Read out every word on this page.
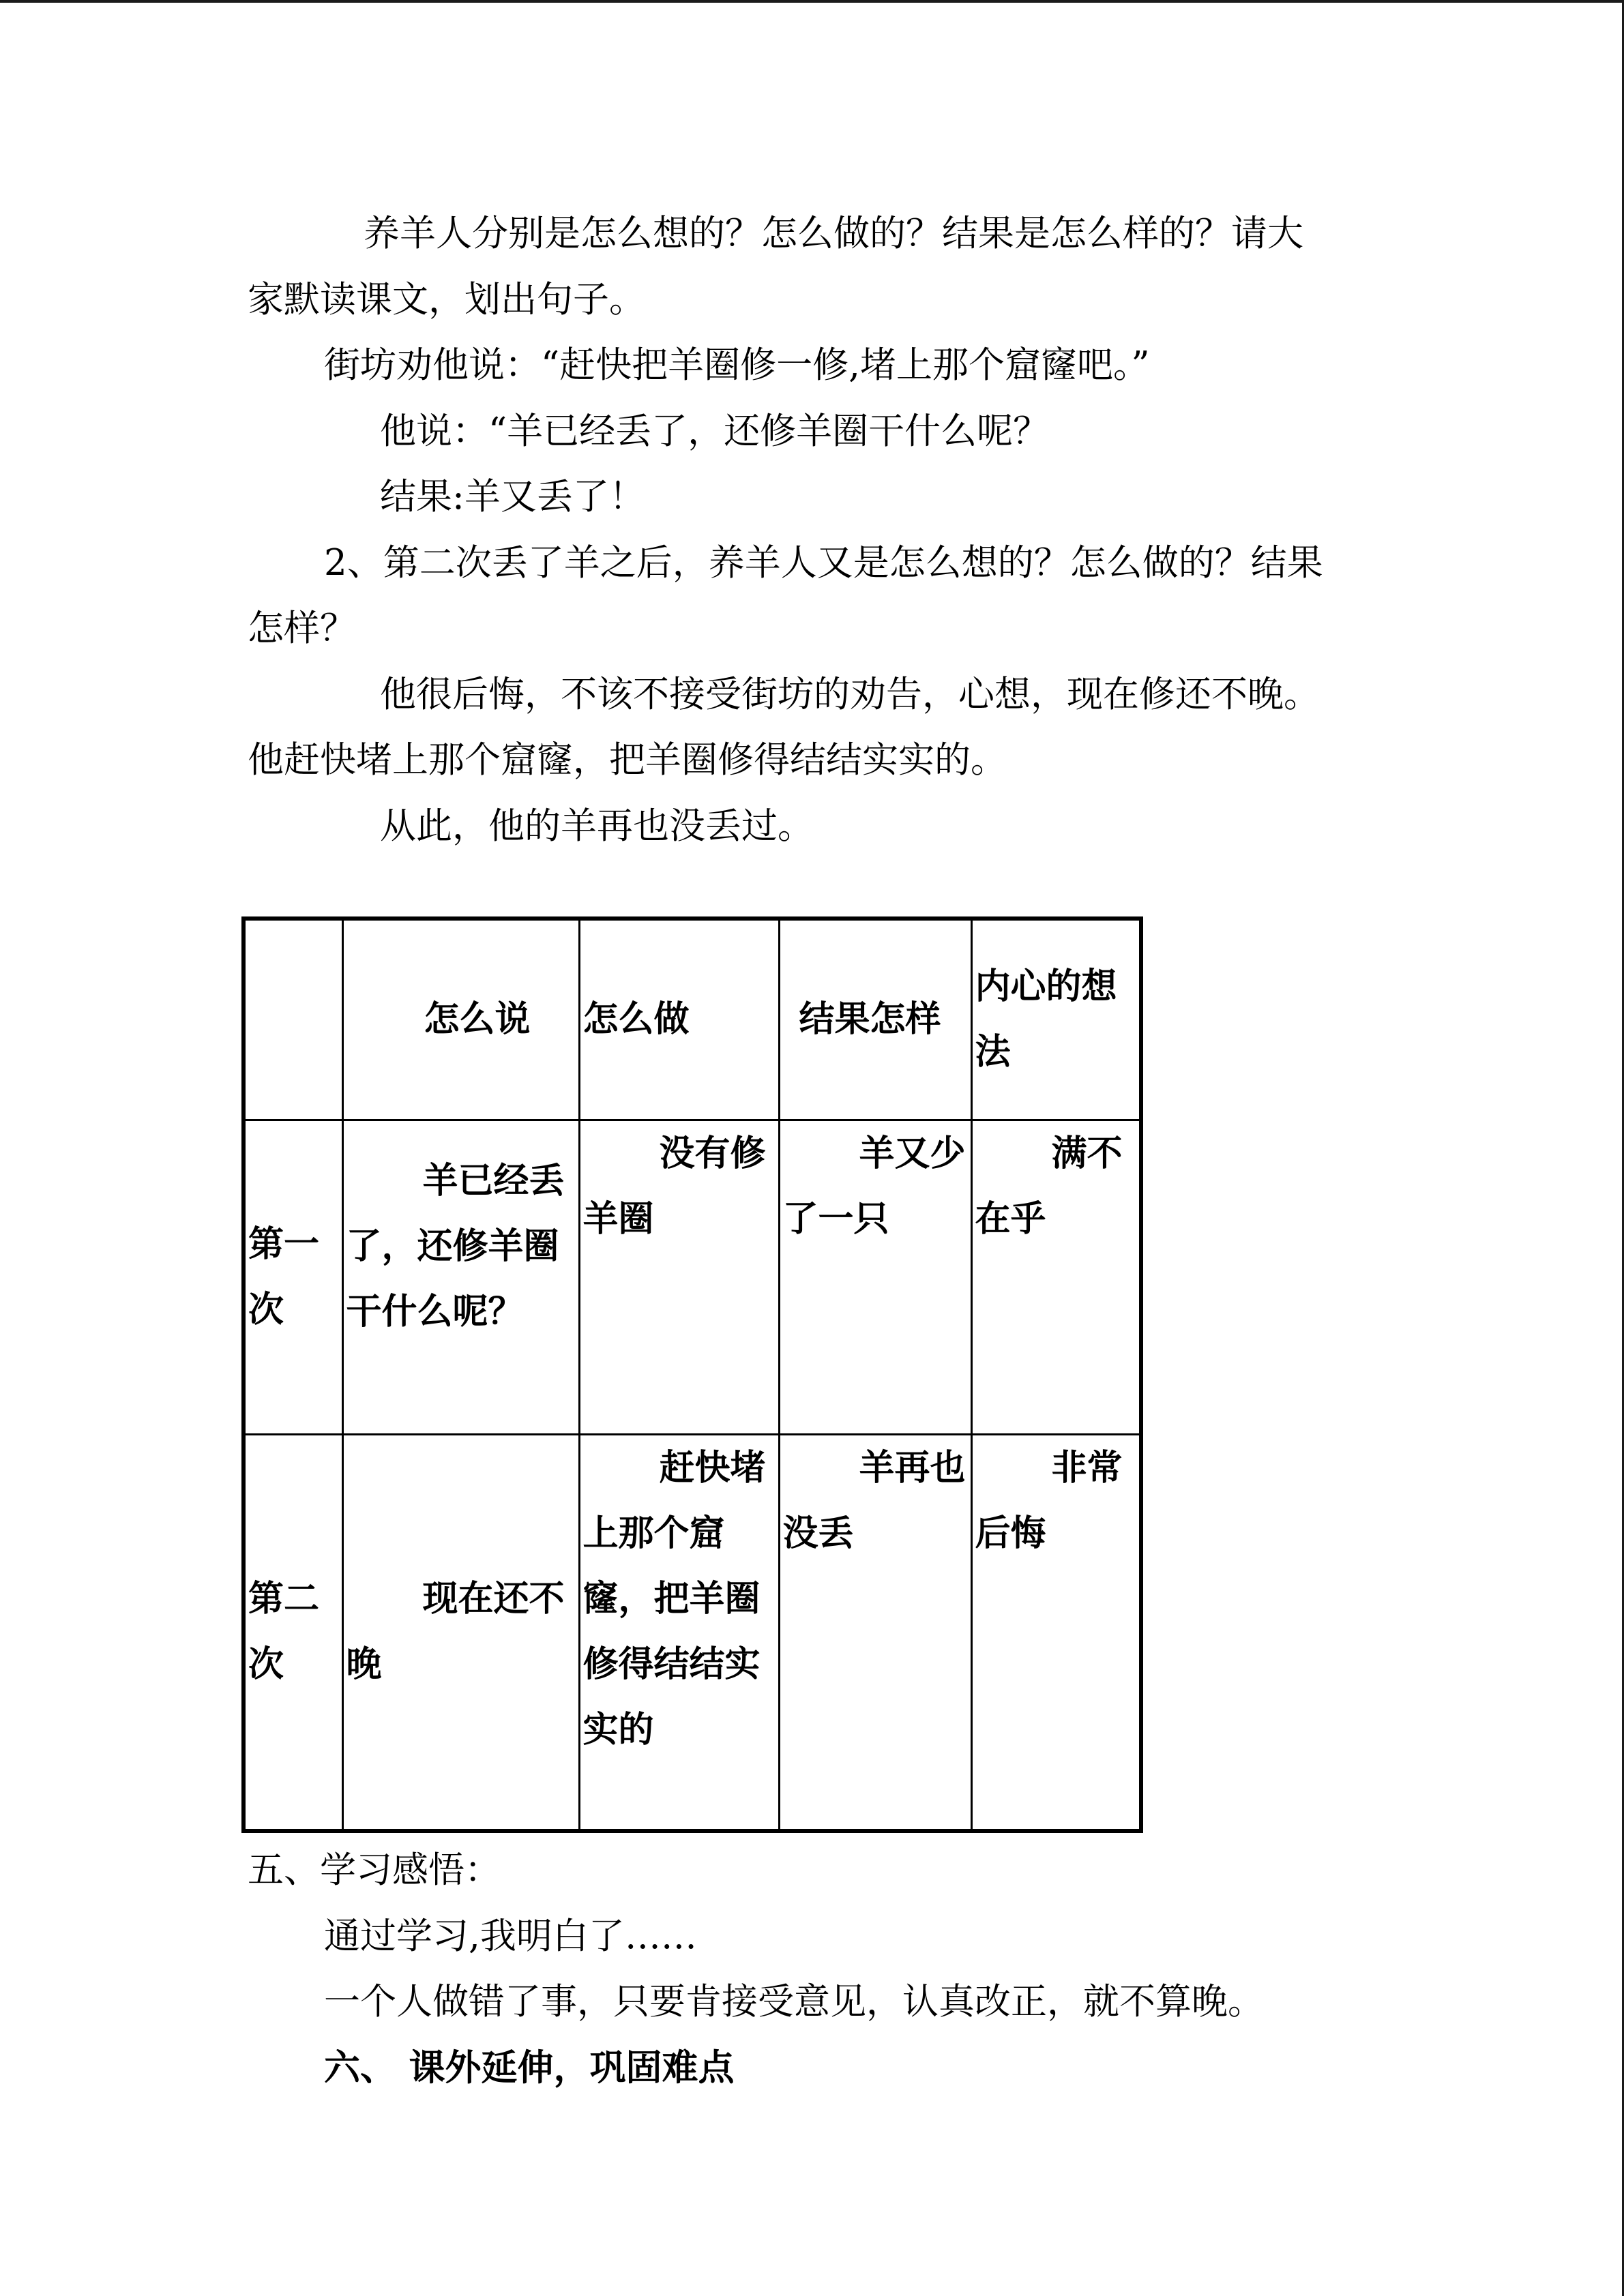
养羊人分别是怎么想的？怎么做的？结果是怎么样的？请大
家默读课文，划出句子。
街坊劝他说：“赶快把羊圈修一修,堵上那个窟窿吧。”
他说：“羊已经丢了，还修羊圈干什么呢？
结果:羊又丢了！
2、第二次丢了羊之后，养羊人又是怎么想的？怎么做的？结果
怎样？
他很后悔，不该不接受街坊的劝告，心想，现在修还不晚。
他赶快堵上那个窟窿，把羊圈修得结结实实的。
从此，他的羊再也没丢过。
	怎么说	怎么做	结果怎样	内心的想法
第一次	羊已经丢了，还修羊圈干什么呢？	没有修羊圈	羊又少了一只	满不在乎

第二次	现在还不晚	赶快堵上那个窟窿，把羊圈修得结结实实的	羊再也没丢	非常后悔
五、学习感悟：
通过学习,我明白了……
一个人做错了事，只要肯接受意见，认真改正，就不算晚。
六、 课外延伸，巩固难点
